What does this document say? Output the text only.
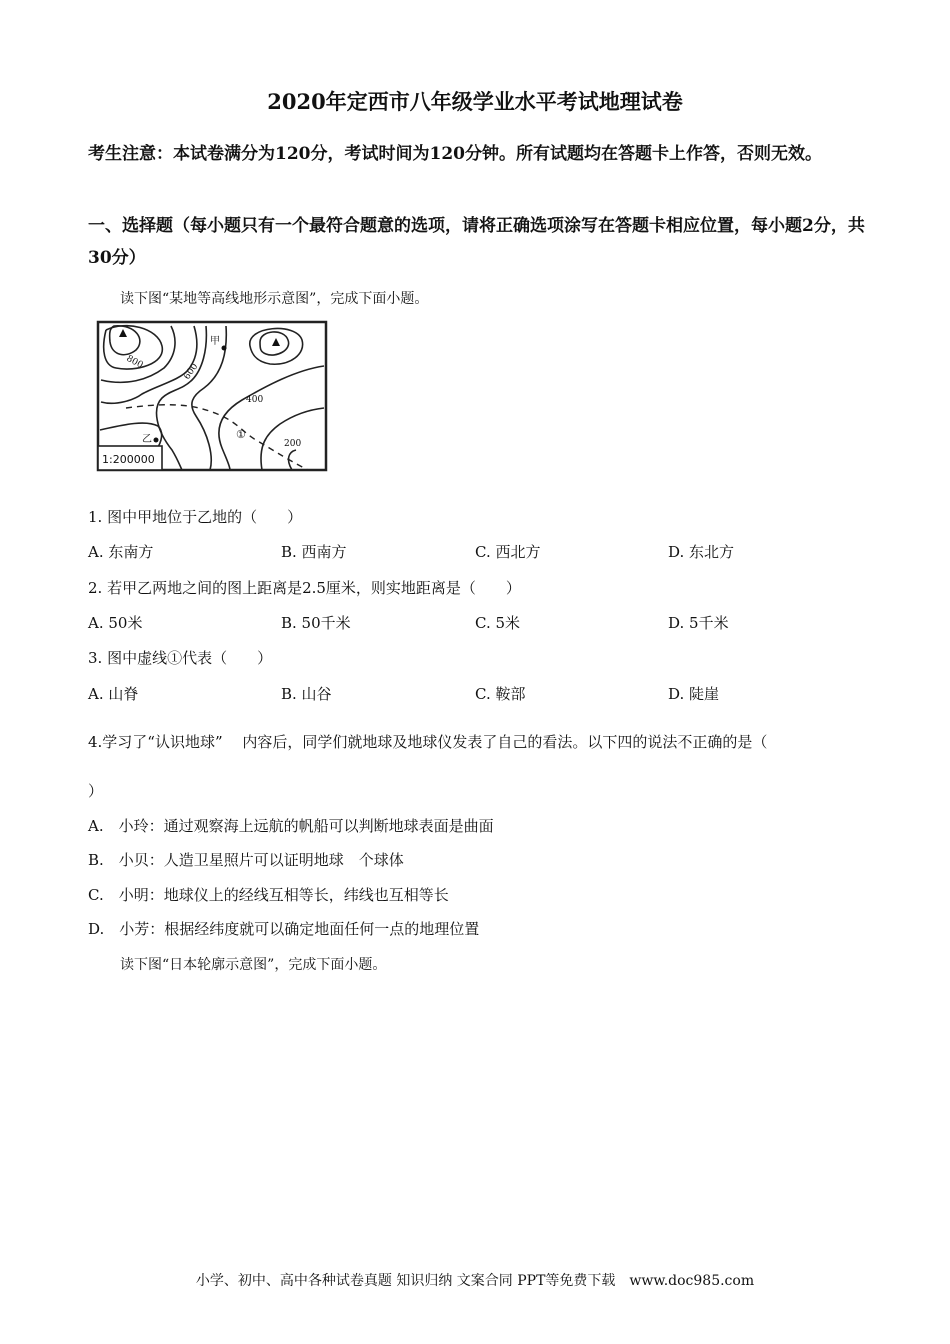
2020年定西市八年级学业水平考试地理试卷
考生注意：本试卷满分为120分，考试时间为120分钟。所有试题均在答题卡上作答，否则无效。
一、选择题（每小题只有一个最符合题意的选项，请将正确选项涂写在答题卡相应位置，每小题2分，共30分）
读下图“某地等高线地形示意图”，完成下面小题。
1:200000
甲
乙	①
800	600
400
200
1. 图中甲地位于乙地的（　　）
A. 东南方	B. 西南方	C. 西北方	D. 东北方
2. 若甲乙两地之间的图上距离是2.5厘米，则实地距离是（　　）
A. 50米	B. 50千米	C. 5米	D. 5千米
3. 图中虚线①代表（　　）
A. 山脊	B. 山谷	C. 鞍部	D. 陡崖
4.学习了“认识地球”　 内容后，同学们就地球及地球仪发表了自己的看法。以下四的说法不正确的是（
）
A.　小玲：通过观察海上远航的帆船可以判断地球表面是曲面
B.　小贝：人造卫星照片可以证明地球　个球体
C.　小明：地球仪上的经线互相等长，纬线也互相等长
D.　小芳：根据经纬度就可以确定地面任何一点的地理位置
读下图“日本轮廓示意图”，完成下面小题。
小学、初中、高中各种试卷真题 知识归纳 文案合同 PPT等免费下载　www.doc985.com
